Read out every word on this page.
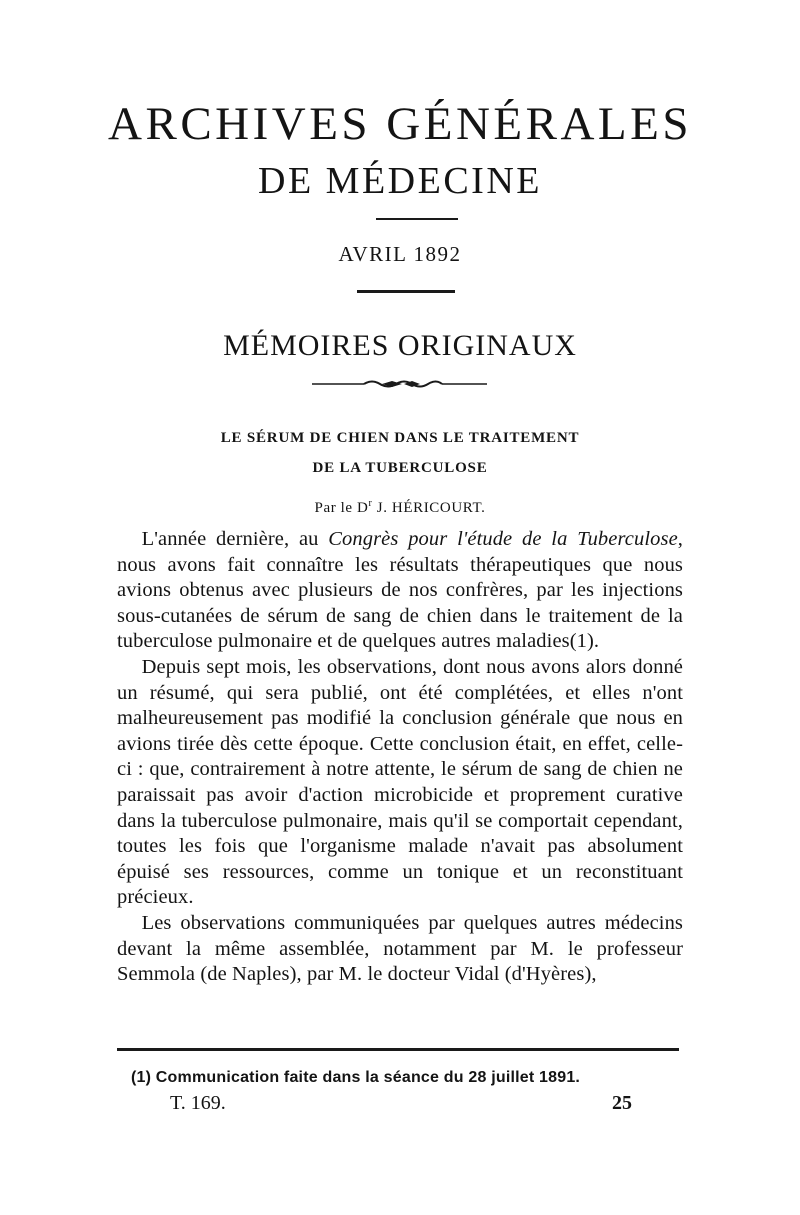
ARCHIVES GÉNÉRALES
DE MÉDECINE
AVRIL 1892
MÉMOIRES ORIGINAUX
LE SÉRUM DE CHIEN DANS LE TRAITEMENT
DE LA TUBERCULOSE
Par le $D^r$ J. HÉRICOURT.

L'année dernière, au Congrès pour l'étude de la Tuberculose, nous avons fait connaître les résultats thérapeutiques que nous avions obtenus avec plusieurs de nos confrères, par les injections sous-cutanées de sérum de sang de chien dans le traitement de la tuberculose pulmonaire et de quelques autres maladies(1).

Depuis sept mois, les observations, dont nous avons alors donné un résumé, qui sera publié, ont été complétées, et elles n'ont malheureusement pas modifié la conclusion générale que nous en avions tirée dès cette époque. Cette conclusion était, en effet, celle-ci : que, contrairement à notre attente, le sérum de sang de chien ne paraissait pas avoir d'action microbicide et proprement curative dans la tuberculose pulmonaire, mais qu'il se comportait cependant, toutes les fois que l'organisme malade n'avait pas absolument épuisé ses ressources, comme un tonique et un reconstituant précieux.

Les observations communiquées par quelques autres médecins devant la même assemblée, notamment par M. le professeur Semmola (de Naples), par M. le docteur Vidal (d'Hyères),

(1) Communication faite dans la séance du 28 juillet 1891.
T. 169.	25
